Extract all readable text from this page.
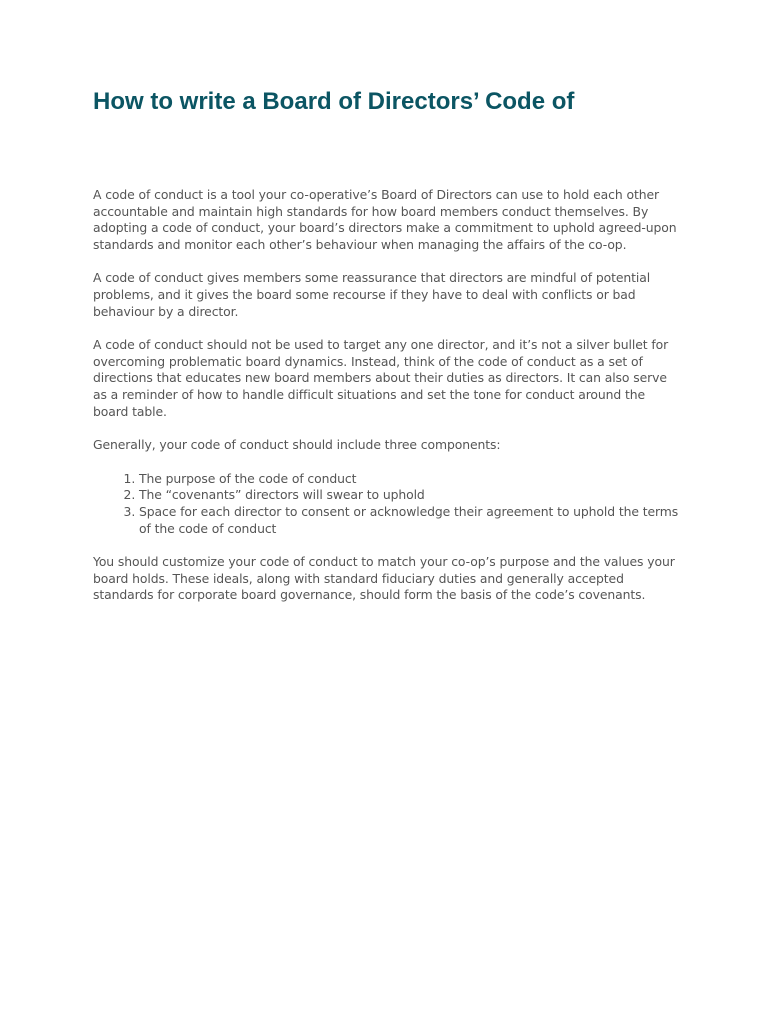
How to write a Board of Directors’ Code of

A code of conduct is a tool your co-operative’s Board of Directors can use to hold each other accountable and maintain high standards for how board members conduct themselves. By adopting a code of conduct, your board’s directors make a commitment to uphold agreed-upon standards and monitor each other’s behaviour when managing the affairs of the co-op.

A code of conduct gives members some reassurance that directors are mindful of potential problems, and it gives the board some recourse if they have to deal with conflicts or bad behaviour by a director.

A code of conduct should not be used to target any one director, and it’s not a silver bullet for overcoming problematic board dynamics. Instead, think of the code of conduct as a set of directions that educates new board members about their duties as directors. It can also serve as a reminder of how to handle difficult situations and set the tone for conduct around the board table.

Generally, your code of conduct should include three components:

1. The purpose of the code of conduct
2. The “covenants” directors will swear to uphold
3. Space for each director to consent or acknowledge their agreement to uphold the terms of the code of conduct

You should customize your code of conduct to match your co-op’s purpose and the values your board holds. These ideals, along with standard fiduciary duties and generally accepted standards for corporate board governance, should form the basis of the code’s covenants.
